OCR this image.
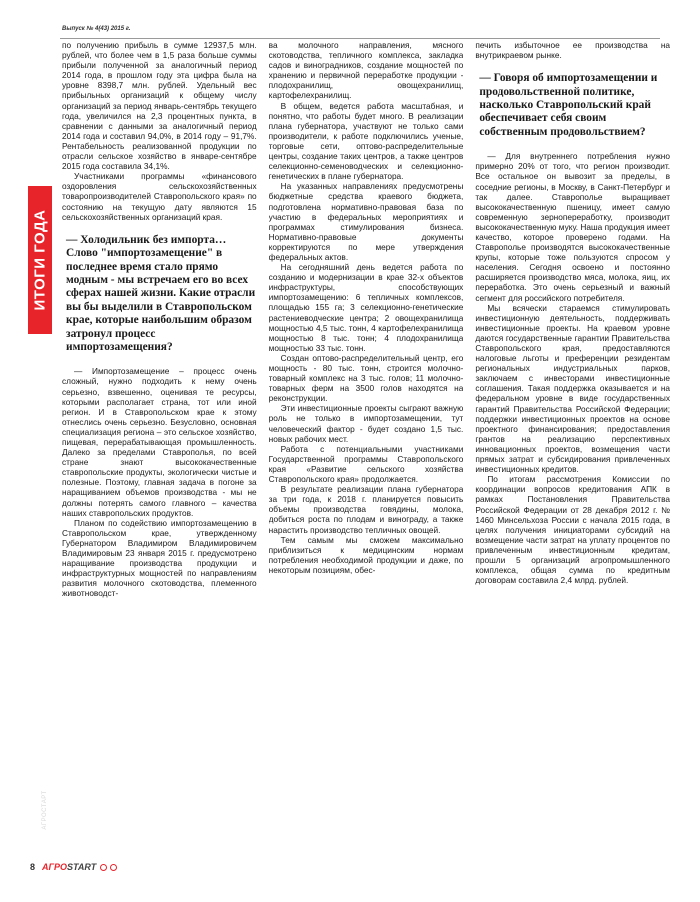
Выпуск № 4(43) 2015 г.
ИТОГИ ГОДА
АГРОСТАРТ

по получению прибыль в сумме 12937,5 млн. рублей, что более чем в 1,5 раза больше суммы прибыли полученной за аналогичный период 2014 года, в прошлом году эта цифра была на уровне 8398,7 млн. рублей. Удельный вес прибыльных организаций к общему числу организаций за период январь-сентябрь текущего года, увеличился на 2,3 процентных пункта, в сравнении с данными за аналогичный период 2014 года и составил 94,0%, в 2014 году – 91,7%. Рентабельность реализованной продукции по отрасли сельское хозяйство в январе-сентябре 2015 года составила 34,1%.

Участниками программы «финансового оздоровления сельскохозяйственных товаропроизводителей Ставропольского края» по состоянию на текущую дату являются 15 сельскохозяйственных организаций края.

— Холодильник без импорта… Слово "импортозамещение" в последнее время стало прямо модным - мы встречаем его во всех сферах нашей жизни. Какие отрасли вы бы выделили в Ставропольском крае, которые наибольшим образом затронул процесс импортозамещения?

— Импортозамещение – процесс очень сложный, нужно подходить к нему очень серьезно, взвешенно, оценивая те ресурсы, которыми располагает страна, тот или иной регион. И в Ставропольском крае к этому отнеслись очень серьезно. Безусловно, основная специализация региона – это сельское хозяйство, пищевая, перерабатывающая промышленность. Далеко за пределами Ставрополья, по всей стране знают высококачественные ставропольские продукты, экологически чистые и полезные. Поэтому, главная задача в погоне за наращиванием объемов производства - мы не должны потерять самого главного – качества наших ставропольских продуктов.

Планом по содействию импортозамещению в Ставропольском крае, утвержденному Губернатором Владимиром Владимировичем Владимировым 23 января 2015 г. предусмотрено наращивание производства продукции и инфраструктурных мощностей по направлениям развития молочного скотоводства, племенного животноводст-

ва молочного направления, мясного скотоводства, тепличного комплекса, закладка садов и виноградников, создание мощностей по хранению и первичной переработке продукции - плодохранилищ, овощехранилищ, картофелехранилищ.

В общем, ведется работа масштабная, и понятно, что работы будет много. В реализации плана губернатора, участвуют не только сами производители, к работе подключились ученые, торговые сети, оптово-распределительные центры, создание таких центров, а также центров селекционно-семеноводческих и селекционно-генетических в плане губернатора.

На указанных направлениях предусмотрены бюджетные средства краевого бюджета, подготовлена нормативно-правовая база по участию в федеральных мероприятиях и программах стимулирования бизнеса. Нормативно-правовые документы корректируются по мере утверждения федеральных актов.

На сегодняшний день ведется работа по созданию и модернизации в крае 32-х объектов инфраструктуры, способствующих импортозамещению: 6 тепличных комплексов, площадью 155 га; 3 селекционно-генетические растениеводческие центра; 2 овощехранилища мощностью 4,5 тыс. тонн, 4 картофелехранилища мощностью 8 тыс. тонн; 4 плодохранилища мощностью 33 тыс. тонн.

Создан оптово-распределительный центр, его мощность - 80 тыс. тонн, строится молочно-товарный комплекс на 3 тыс. голов; 11 молочно-товарных ферм на 3500 голов находятся на реконструкции.

Эти инвестиционные проекты сыграют важную роль не только в импортозамещении, тут человеческий фактор - будет создано 1,5 тыс. новых рабочих мест.

Работа с потенциальными участниками Государственной программы Ставропольского края «Развитие сельского хозяйства Ставропольского края» продолжается.

В результате реализации плана губернатора за три года, к 2018 г. планируется повысить объемы производства говядины, молока, добиться роста по плодам и винограду, а также нарастить производство тепличных овощей.

Тем самым мы сможем максимально приблизиться к медицинским нормам потребления необходимой продукции и даже, по некоторым позициям, обес-

печить избыточное ее производства на внутрикраевом рынке.

— Говоря об импортозамещении и продовольственной политике, насколько Ставропольский край обеспечивает себя своим собственным продовольствием?

— Для внутреннего потребления нужно примерно 20% от того, что регион производит. Все остальное он вывозит за пределы, в соседние регионы, в Москву, в Санкт-Петербург и так далее. Ставрополье выращивает высококачественную пшеницу, имеет самую современную зернопереработку, производит высококачественную муку. Наша продукция имеет качество, которое проверено годами. На Ставрополье производятся высококачественные крупы, которые тоже пользуются спросом у населения. Сегодня освоено и постоянно расширяется производство мяса, молока, яиц, их переработка. Это очень серьезный и важный сегмент для российского потребителя.

Мы всячески стараемся стимулировать инвестиционную деятельность, поддерживать инвестиционные проекты. На краевом уровне даются государственные гарантии Правительства Ставропольского края, предоставляются налоговые льготы и преференции резидентам региональных индустриальных парков, заключаем с инвесторами инвестиционные соглашения. Такая поддержка оказывается и на федеральном уровне в виде государственных гарантий Правительства Российской Федерации; поддержки инвестиционных проектов на основе проектного финансирования; предоставления грантов на реализацию перспективных инновационных проектов, возмещения части прямых затрат и субсидирования привлеченных инвестиционных кредитов.

По итогам рассмотрения Комиссии по координации вопросов кредитования АПК в рамках Постановления Правительства Российской Федерации от 28 декабря 2012 г. № 1460 Минсельхоза России с начала 2015 года, в целях получения инициаторами субсидий на возмещение части затрат на уплату процентов по привлеченным инвестиционным кредитам, прошли 5 организаций агропромышленного комплекса, общая сумма по кредитным договорам составила 2,4 млрд. рублей.

8 АГРОSTART
